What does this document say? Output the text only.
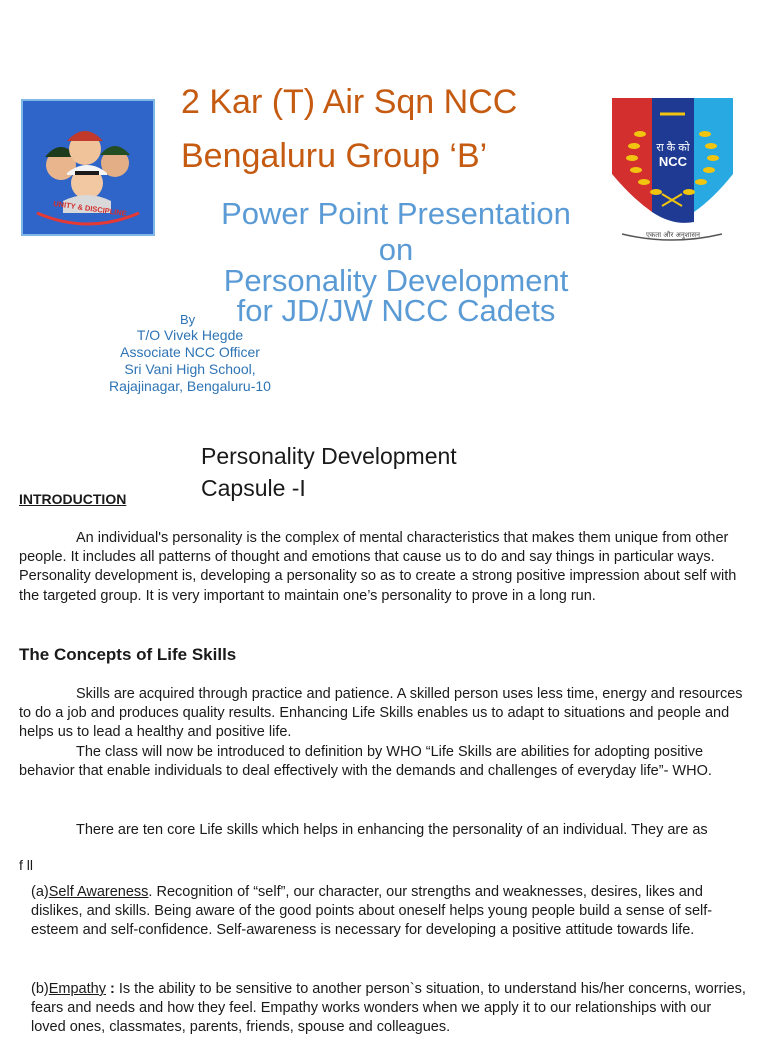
UNITY & DISCIPLINE
रा कै को
NCC
एकता और अनुशासन
2 Kar (T) Air Sqn NCC
Bengaluru Group ‘B’
Power Point Presentation
on
Personality Development
for JD/JW NCC Cadets
By
T/O Vivek Hegde
Associate NCC Officer
Sri Vani High School,
Rajajinagar, Bengaluru-10
Personality Development
Capsule -I
INTRODUCTION

An individual's personality is the complex of mental characteristics that makes them unique from other people. It includes all patterns of thought and emotions that cause us to do and say things in particular ways. Personality development is, developing a personality so as to create a strong positive impression about self with the targeted group. It is very important to maintain one’s personality to prove in a long run.

The Concepts of Life Skills

Skills are acquired through practice and patience. A skilled person uses less time, energy and resources to do a job and produces quality results. Enhancing Life Skills enables us to adapt to situations and people and helps us to lead a healthy and positive life.

The class will now be introduced to definition by WHO “Life Skills are abilities for adopting positive behavior that enable individuals to deal effectively with the demands and challenges of everyday life”- WHO.

There are ten core Life skills which helps in enhancing the personality of an individual. They are as

f ll

(a)Self Awareness. Recognition of “self”, our character, our strengths and weaknesses, desires, likes and dislikes, and skills. Being aware of the good points about oneself helps young people build a sense of self- esteem and self-confidence. Self-awareness is necessary for developing a positive attitude towards life.

(b)Empathy : Is the ability to be sensitive to another person`s situation, to understand his/her concerns, worries, fears and needs and how they feel. Empathy works wonders when we apply it to our relationships with our loved ones, classmates, parents, friends, spouse and colleagues.
